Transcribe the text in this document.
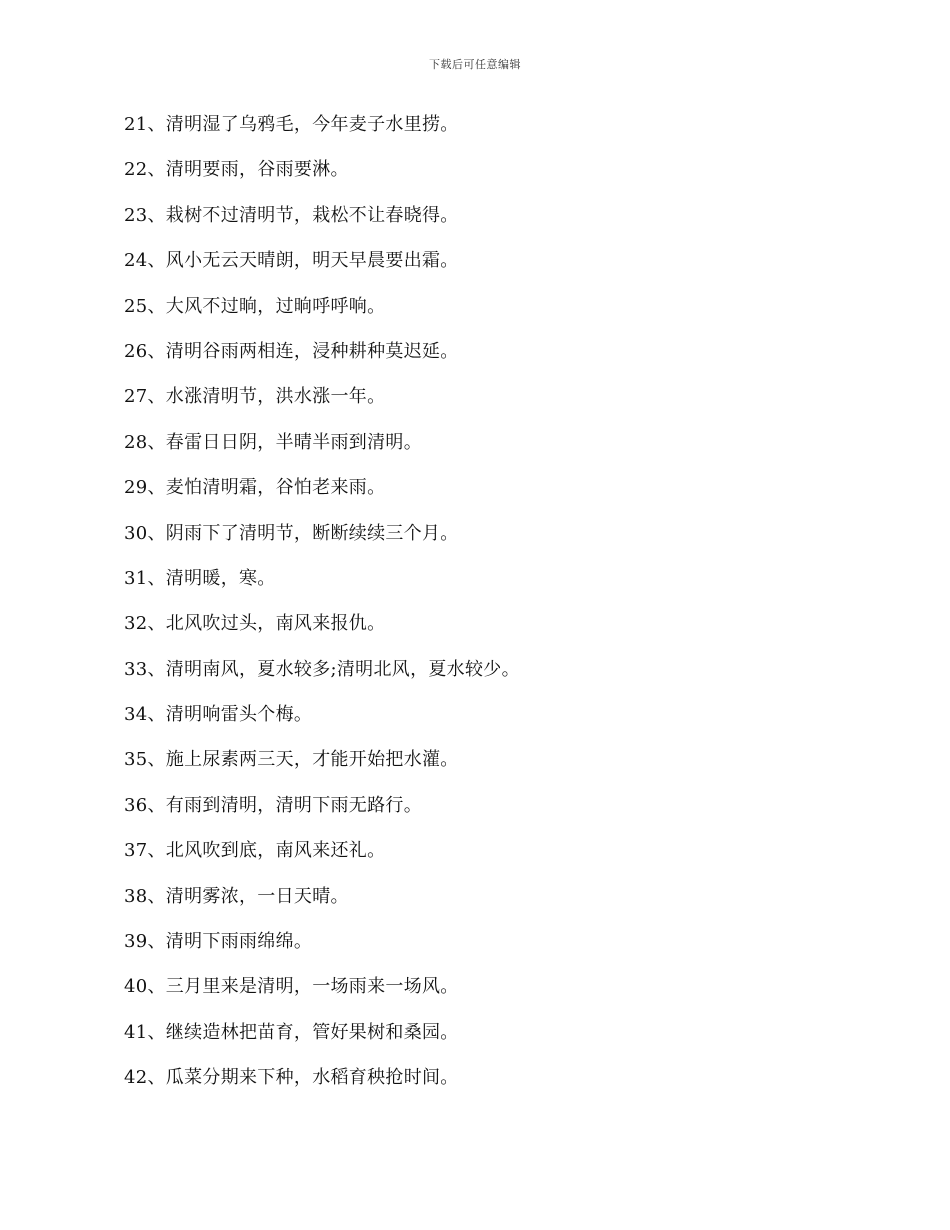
下载后可任意编辑
21、清明湿了乌鸦毛，今年麦子水里捞。
22、清明要雨，谷雨要淋。
23、栽树不过清明节，栽松不让春晓得。
24、风小无云天晴朗，明天早晨要出霜。
25、大风不过晌，过晌呼呼响。
26、清明谷雨两相连，浸种耕种莫迟延。
27、水涨清明节，洪水涨一年。
28、春雷日日阴，半晴半雨到清明。
29、麦怕清明霜，谷怕老来雨。
30、阴雨下了清明节，断断续续三个月。
31、清明暖，寒。
32、北风吹过头，南风来报仇。
33、清明南风，夏水较多;清明北风，夏水较少。
34、清明响雷头个梅。
35、施上尿素两三天，才能开始把水灌。
36、有雨到清明，清明下雨无路行。
37、北风吹到底，南风来还礼。
38、清明雾浓，一日天晴。
39、清明下雨雨绵绵。
40、三月里来是清明，一场雨来一场风。
41、继续造林把苗育，管好果树和桑园。
42、瓜菜分期来下种，水稻育秧抢时间。
